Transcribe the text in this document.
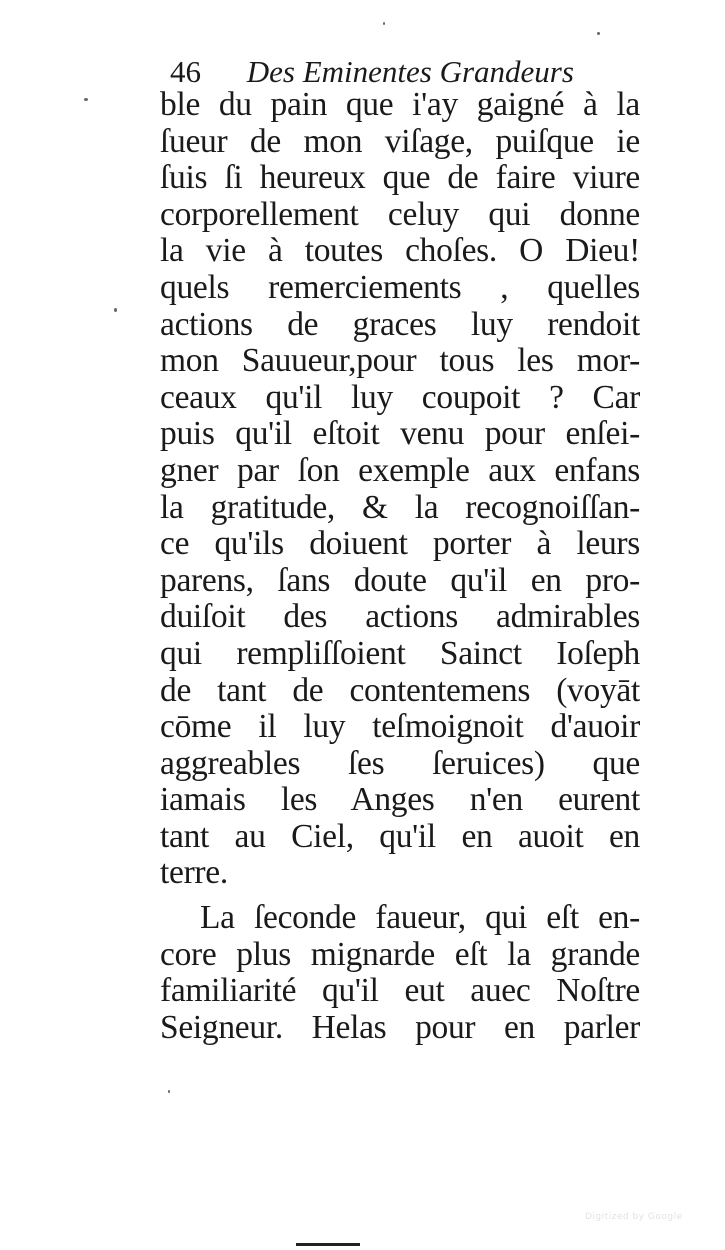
46 Des Eminentes Grandeurs
ble du pain que i'ay gaigné à la
ſueur de mon viſage, puiſque ie
ſuis ſi heureux que de faire viure
corporellement celuy qui donne
la vie à toutes choſes. O Dieu!
quels remerciements , quelles
actions de graces luy rendoit
mon Sauueur,pour tous les mor-
ceaux qu'il luy coupoit ? Car
puis qu'il eſtoit venu pour enſei-
gner par ſon exemple aux enfans
la gratitude, & la recognoiſſan-
ce qu'ils doiuent porter à leurs
parens, ſans doute qu'il en pro-
duiſoit des actions admirables
qui rempliſſoient Sainct Ioſeph
de tant de contentemens (voyāt
cōme il luy teſmoignoit d'auoir
aggreables ſes ſeruices) que
iamais les Anges n'en eurent
tant au Ciel, qu'il en auoit en
terre.
La ſeconde faueur, qui eſt en-
core plus mignarde eſt la grande
familiarité qu'il eut auec Noſtre
Seigneur. Helas pour en parler
Digitized by Google
